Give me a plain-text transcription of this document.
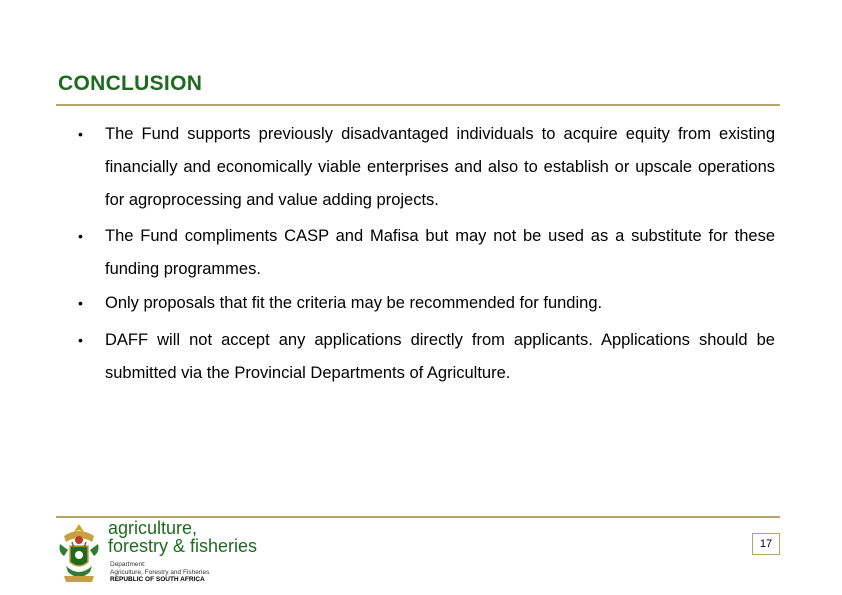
CONCLUSION
• The Fund supports previously disadvantaged individuals to acquire equity from existing financially and economically viable enterprises and also to establish or upscale operations for agroprocessing and value adding projects.
• The Fund compliments CASP and Mafisa but may not be used as a substitute for these funding programmes.
• Only proposals that fit the criteria may be recommended for funding.
• DAFF will not accept any applications directly from applicants. Applications should be submitted via the Provincial Departments of Agriculture.
agriculture,
forestry & fisheries
Department:
Agriculture, Forestry and Fisheries
REPUBLIC OF SOUTH AFRICA
17
